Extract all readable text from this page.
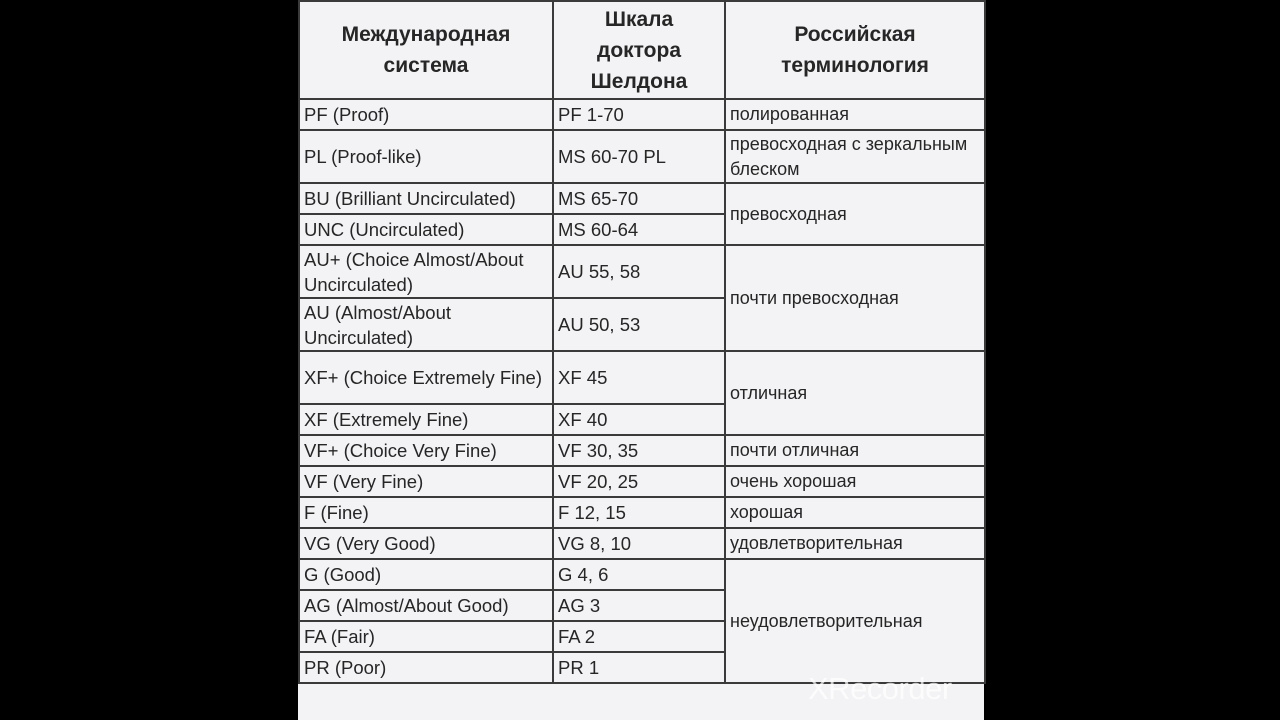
Международная система	Шкала доктора Шелдона	Российская терминология
PF (Proof)	PF 1-70	полированная
PL (Proof-like)	MS 60-70 PL	превосходная с зеркальным блеском
BU (Brilliant Uncirculated)	MS 65-70	превосходная
UNC (Uncirculated)	MS 60-64	
AU+ (Choice Almost/About Uncirculated)	AU 55, 58	почти превосходная
AU (Almost/About Uncirculated)	AU 50, 53	
XF+ (Choice Extremely Fine)	XF 45	отличная
XF (Extremely Fine)	XF 40	
VF+ (Choice Very Fine)	VF 30, 35	почти отличная
VF (Very Fine)	VF 20, 25	очень хорошая
F (Fine)	F 12, 15	хорошая
VG (Very Good)	VG 8, 10	удовлетворительная
G (Good)	G 4, 6	неудовлетворительная
AG (Almost/About Good)	AG 3	
FA (Fair)	FA 2	
PR (Poor)	PR 1	
XRecorder
